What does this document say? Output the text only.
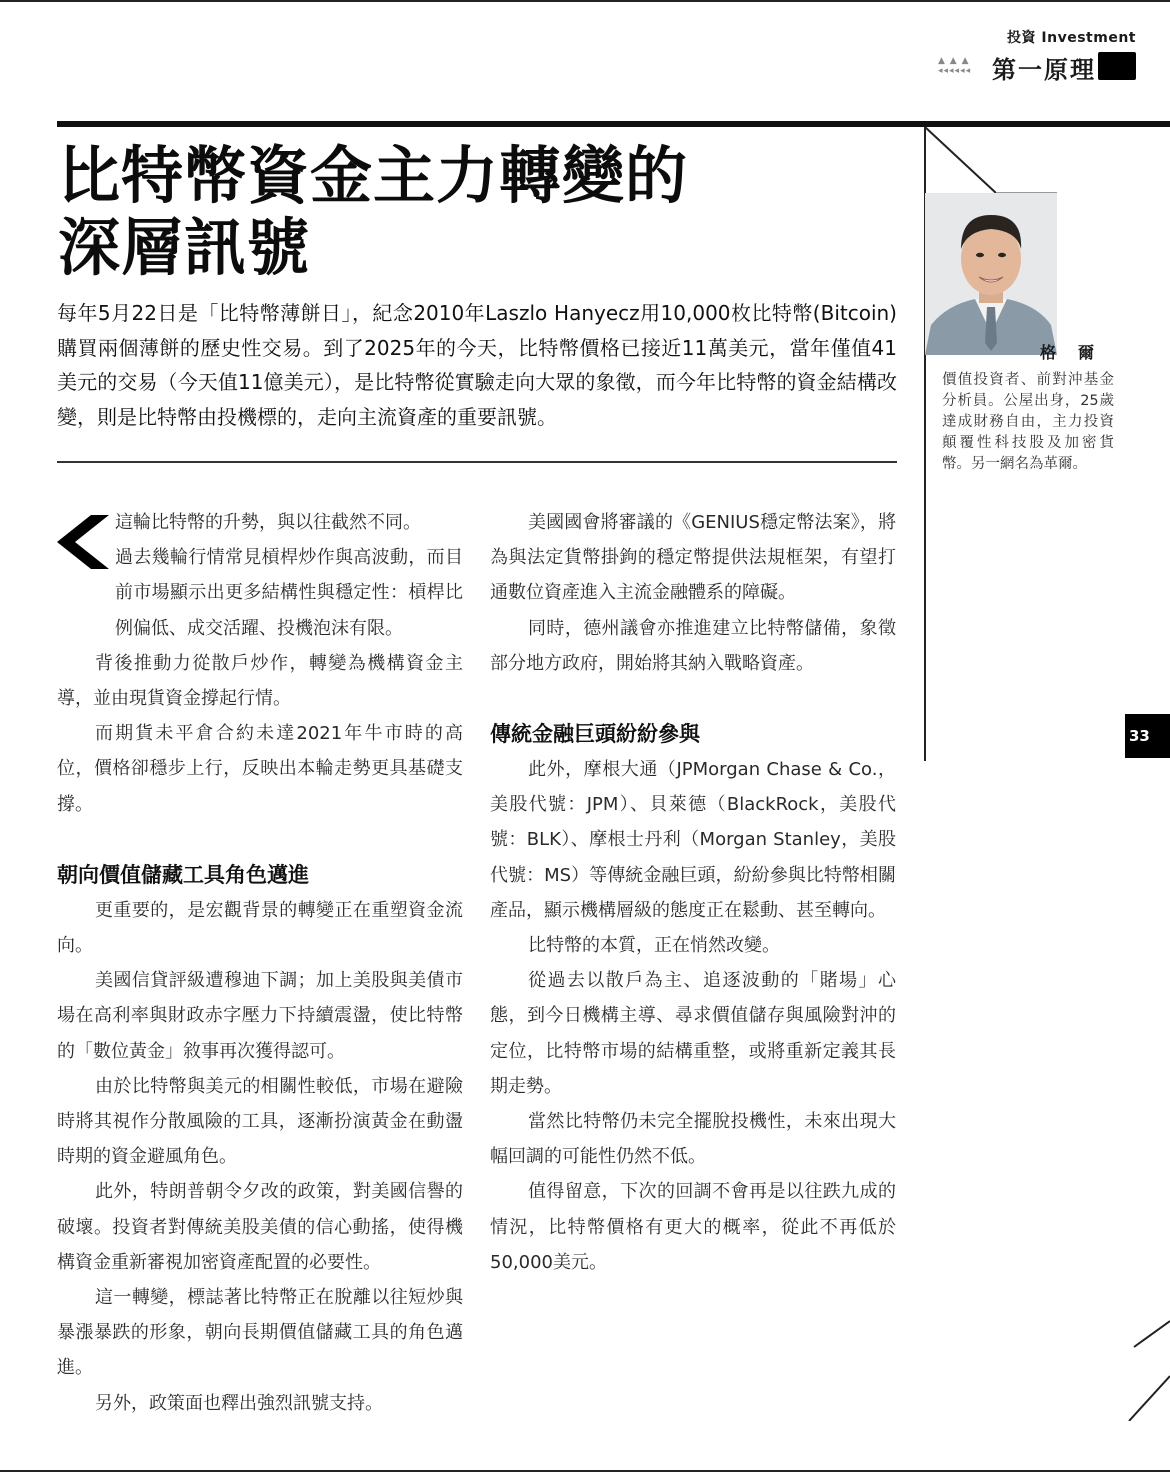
投資 Investment
▲ ▲ ▲
◂◂◂◂◂◂ 第一原理
比特幣資金主力轉變的
深層訊號
每年5月22日是「比特幣薄餅日」，紀念2010年Laszlo Hanyecz用10,000枚比特幣(Bitcoin)購買兩個薄餅的歷史性交易。到了2025年的今天，比特幣價格已接近11萬美元，當年僅值41美元的交易（今天值11億美元），是比特幣從實驗走向大眾的象徵，而今年比特幣的資金結構改變，則是比特幣由投機標的，走向主流資產的重要訊號。

這輪比特幣的升勢，與以往截然不同。

過去幾輪行情常見槓桿炒作與高波動，而目前市場顯示出更多結構性與穩定性：槓桿比例偏低、成交活躍、投機泡沫有限。

背後推動力從散戶炒作，轉變為機構資金主導，並由現貨資金撐起行情。

而期貨未平倉合約未達2021年牛市時的高位，價格卻穩步上行，反映出本輪走勢更具基礎支撐。

朝向價值儲藏工具角色邁進

更重要的，是宏觀背景的轉變正在重塑資金流向。

美國信貸評級遭穆迪下調；加上美股與美債市場在高利率與財政赤字壓力下持續震盪，使比特幣的「數位黃金」敘事再次獲得認可。

由於比特幣與美元的相關性較低，市場在避險時將其視作分散風險的工具，逐漸扮演黃金在動盪時期的資金避風角色。

此外，特朗普朝令夕改的政策，對美國信譽的破壞。投資者對傳統美股美債的信心動搖，使得機構資金重新審視加密資產配置的必要性。

這一轉變，標誌著比特幣正在脫離以往短炒與暴漲暴跌的形象，朝向長期價值儲藏工具的角色邁進。

另外，政策面也釋出強烈訊號支持。

美國國會將審議的《GENIUS穩定幣法案》，將為與法定貨幣掛鉤的穩定幣提供法規框架，有望打通數位資產進入主流金融體系的障礙。

同時，德州議會亦推進建立比特幣儲備，象徵部分地方政府，開始將其納入戰略資產。

傳統金融巨頭紛紛參與

此外，摩根大通（JPMorgan Chase & Co.，美股代號：JPM）、貝萊德（BlackRock，美股代號：BLK）、摩根士丹利（Morgan Stanley，美股代號：MS）等傳統金融巨頭，紛紛參與比特幣相關產品，顯示機構層級的態度正在鬆動、甚至轉向。

比特幣的本質，正在悄然改變。

從過去以散戶為主、追逐波動的「賭場」心態，到今日機構主導、尋求價值儲存與風險對沖的定位，比特幣市場的結構重整，或將重新定義其長期走勢。

當然比特幣仍未完全擺脫投機性，未來出現大幅回調的可能性仍然不低。

值得留意，下次的回調不會再是以往跌九成的情況，比特幣價格有更大的概率，從此不再低於50,000美元。

格 爾
價值投資者、前對沖基金分析員。公屋出身，25歲達成財務自由，主力投資顛覆性科技股及加密貨幣。另一網名為革爾。
33
